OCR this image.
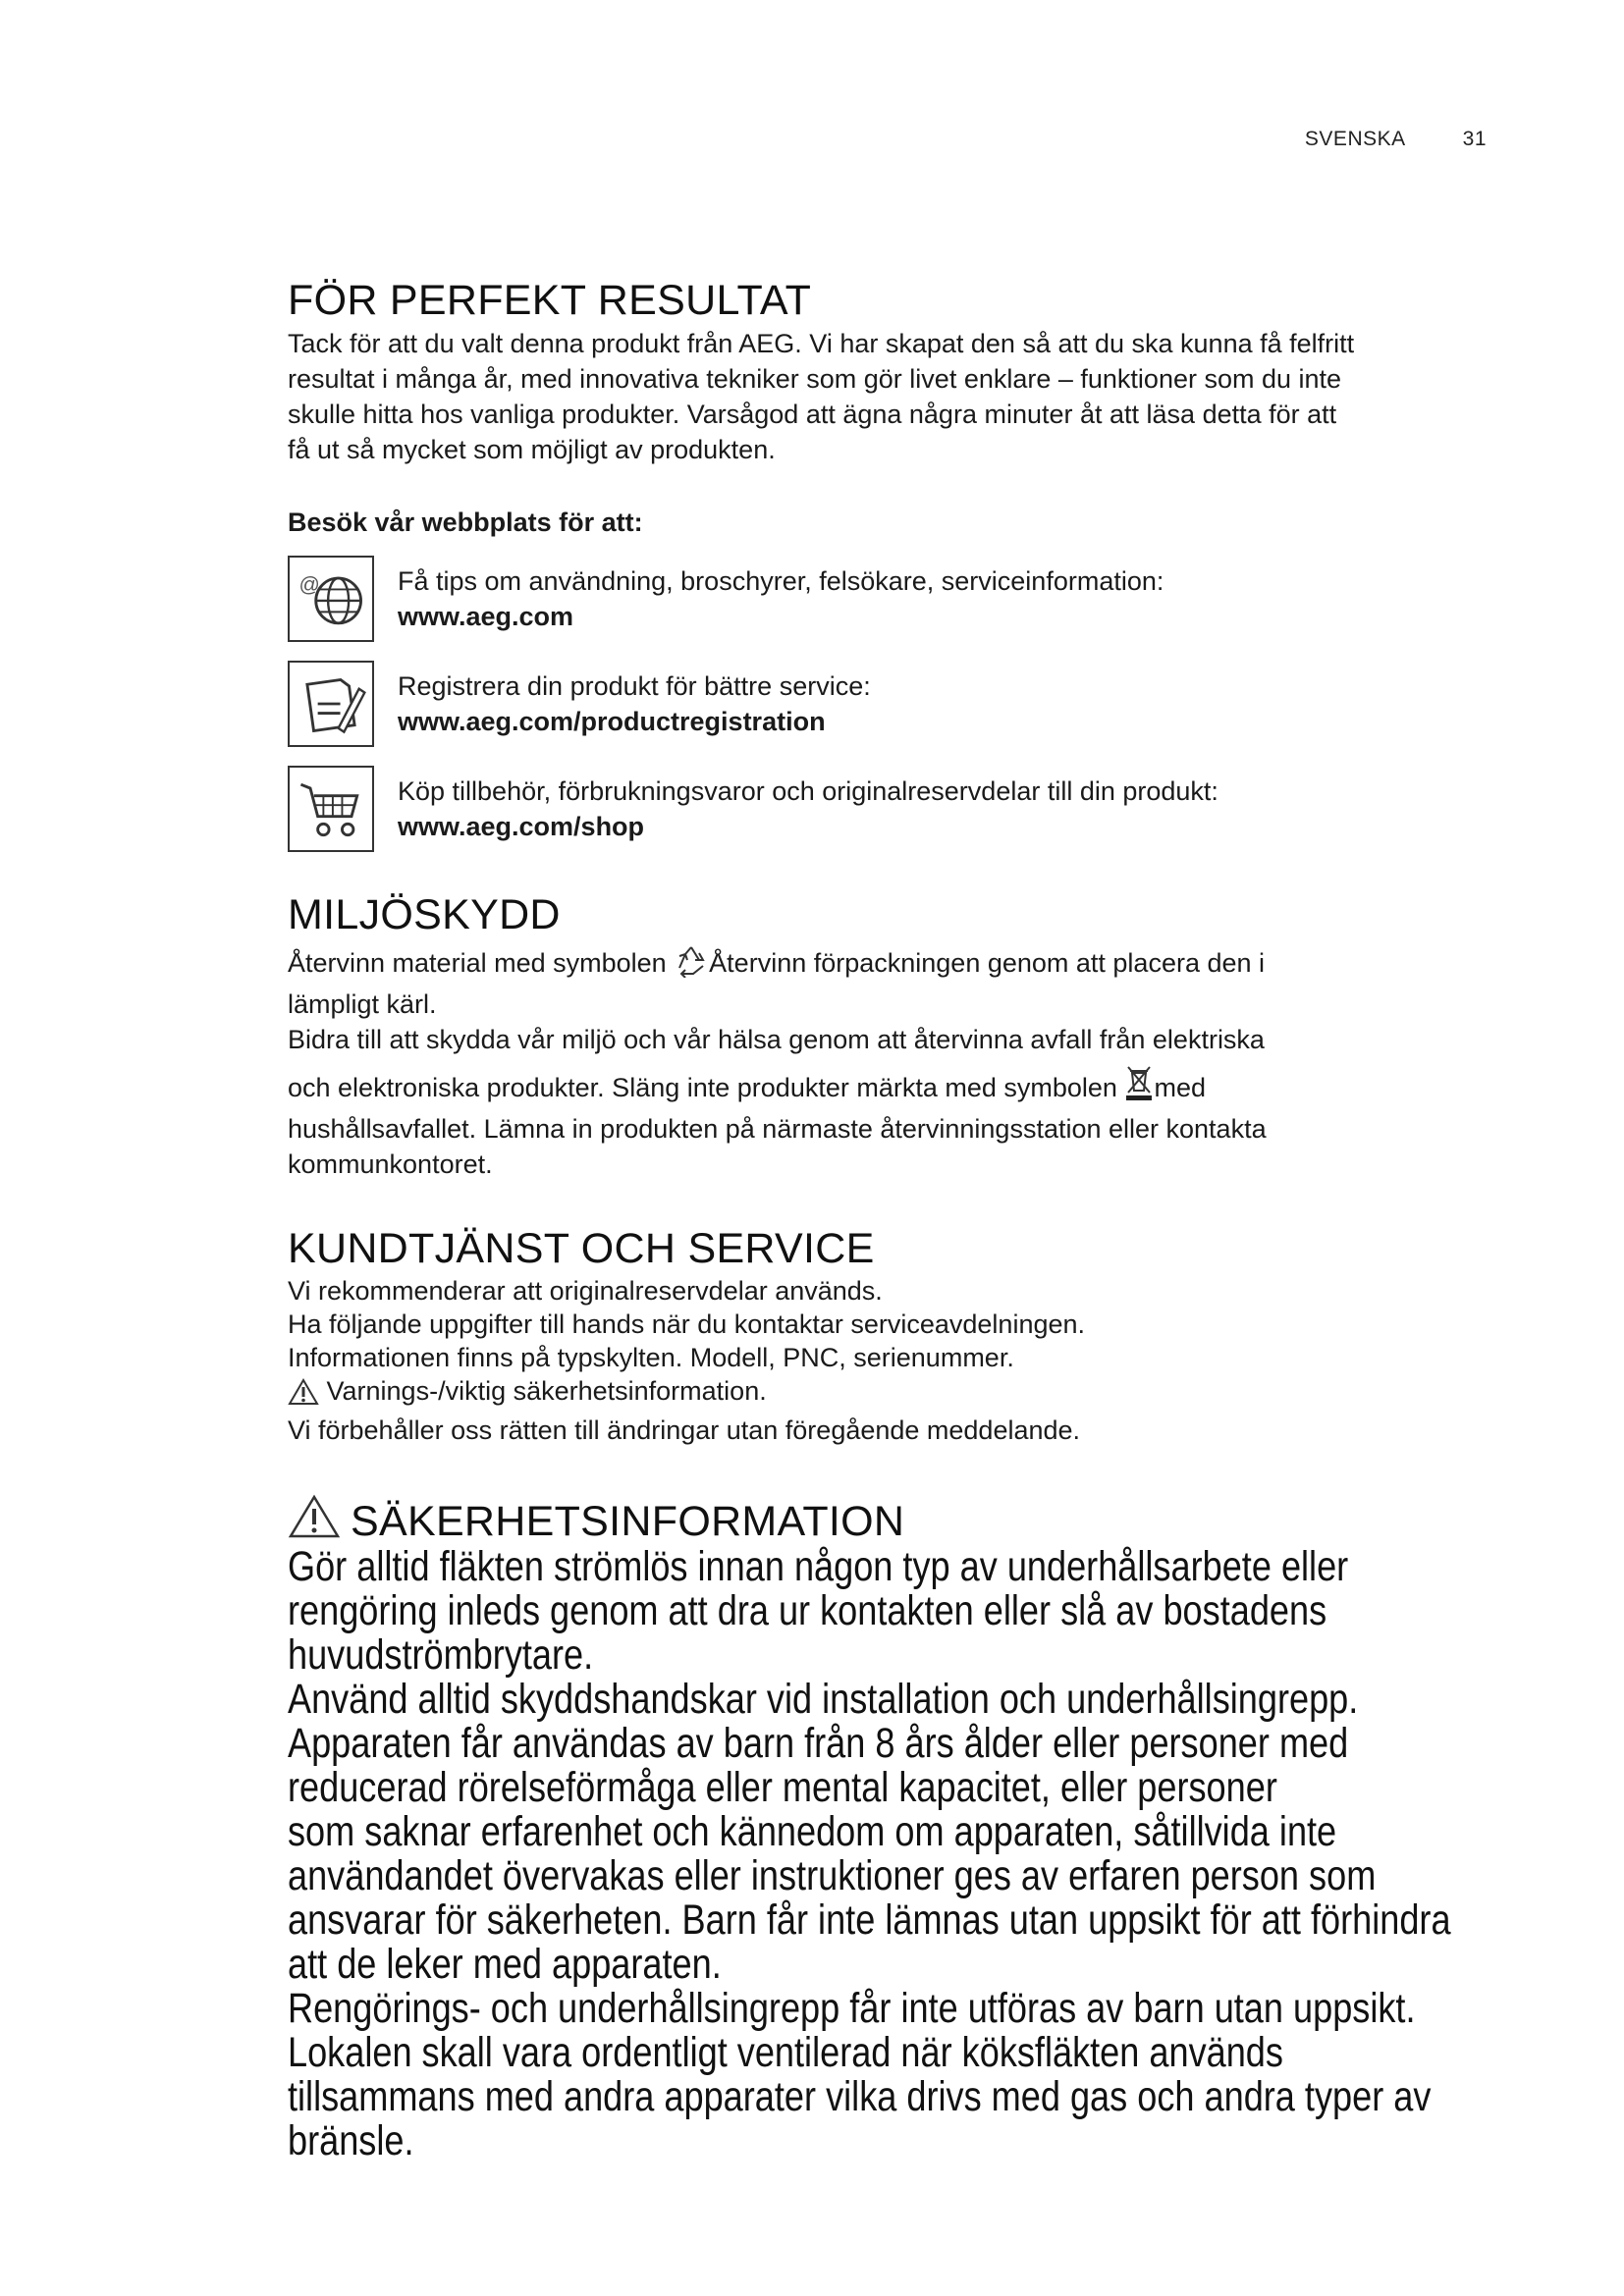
SVENSKA	31
FÖR PERFEKT RESULTAT
Tack för att du valt denna produkt från AEG. Vi har skapat den så att du ska kunna få felfritt
resultat i många år, med innovativa tekniker som gör livet enklare – funktioner som du inte
skulle hitta hos vanliga produkter. Varsågod att ägna några minuter åt att läsa detta för att
få ut så mycket som möjligt av produkten.
Besök vår webbplats för att:
@	Få tips om användning, broschyrer, felsökare, serviceinformation:
www.aeg.com
Registrera din produkt för bättre service:
www.aeg.com/productregistration
Köp tillbehör, förbrukningsvaror och originalreservdelar till din produkt:
www.aeg.com/shop
MILJÖSKYDD
Återvinn material med symbolen Återvinn förpackningen genom att placera den i
lämpligt kärl.
Bidra till att skydda vår miljö och vår hälsa genom att återvinna avfall från elektriska
och elektroniska produkter. Släng inte produkter märkta med symbolen med
hushållsavfallet. Lämna in produkten på närmaste återvinningsstation eller kontakta
kommunkontoret.
KUNDTJÄNST OCH SERVICE
Vi rekommenderar att originalreservdelar används.
Ha följande uppgifter till hands när du kontaktar serviceavdelningen.
Informationen finns på typskylten. Modell, PNC, serienummer.
Varnings-/viktig säkerhetsinformation.
Vi förbehåller oss rätten till ändringar utan föregående meddelande.
SÄKERHETSINFORMATION
Gör alltid fläkten strömlös innan någon typ av underhållsarbete eller
rengöring inleds genom att dra ur kontakten eller slå av bostadens
huvudströmbrytare.
Använd alltid skyddshandskar vid installation och underhållsingrepp.
Apparaten får användas av barn från 8 års ålder eller personer med
reducerad rörelseförmåga eller mental kapacitet, eller personer
som saknar erfarenhet och kännedom om apparaten, såtillvida inte
användandet övervakas eller instruktioner ges av erfaren person som
ansvarar för säkerheten. Barn får inte lämnas utan uppsikt för att förhindra
att de leker med apparaten.
Rengörings- och underhållsingrepp får inte utföras av barn utan uppsikt.
Lokalen skall vara ordentligt ventilerad när köksfläkten används
tillsammans med andra apparater vilka drivs med gas och andra typer av
bränsle.
